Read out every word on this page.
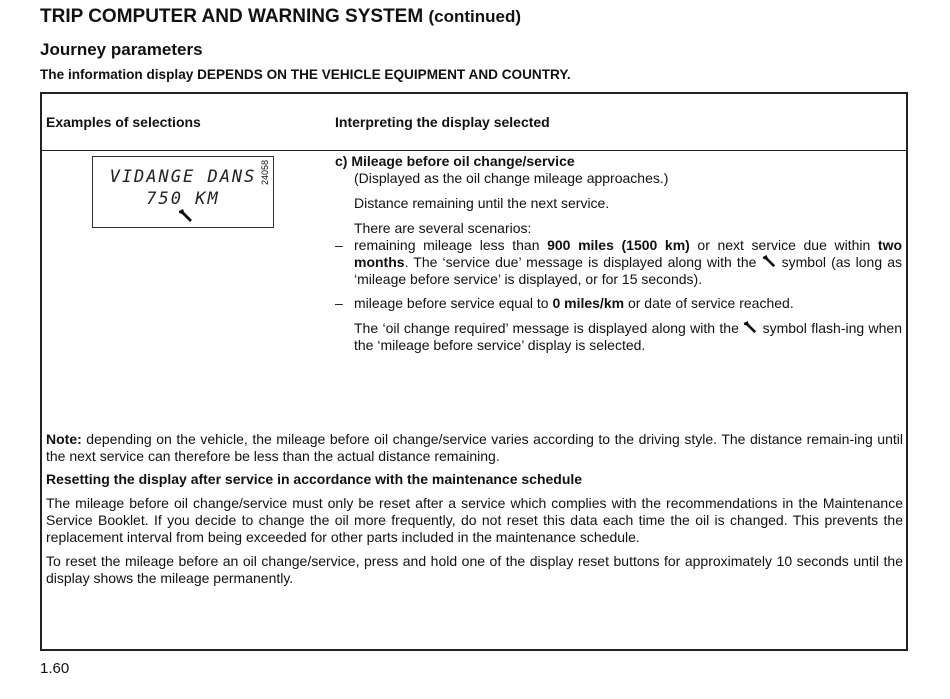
TRIP COMPUTER AND WARNING SYSTEM (continued)
Journey parameters
The information display DEPENDS ON THE VEHICLE EQUIPMENT AND COUNTRY.
Examples of selections	Interpreting the display selected
VIDANGE DANS
750 KM
24058	c) Mileage before oil change/service

(Displayed as the oil change mileage approaches.)

Distance remaining until the next service.

There are several scenarios:

– remaining mileage less than 900 miles (1500 km) or next service due within two months. The ‘service due’ message is displayed along with the  symbol (as long as ‘mileage before service’ is displayed, or for 15 seconds).

– mileage before service equal to 0 miles/km or date of service reached.

The ‘oil change required’ message is displayed along with the  symbol flash-ing when the ‘mileage before service’ display is selected.

Note: depending on the vehicle, the mileage before oil change/service varies according to the driving style. The distance remain-ing until the next service can therefore be less than the actual distance remaining.

Resetting the display after service in accordance with the maintenance schedule

The mileage before oil change/service must only be reset after a service which complies with the recommendations in the Maintenance Service Booklet. If you decide to change the oil more frequently, do not reset this data each time the oil is changed. This prevents the replacement interval from being exceeded for other parts included in the maintenance schedule.

To reset the mileage before an oil change/service, press and hold one of the display reset buttons for approximately 10 seconds until the display shows the mileage permanently.

1.60
